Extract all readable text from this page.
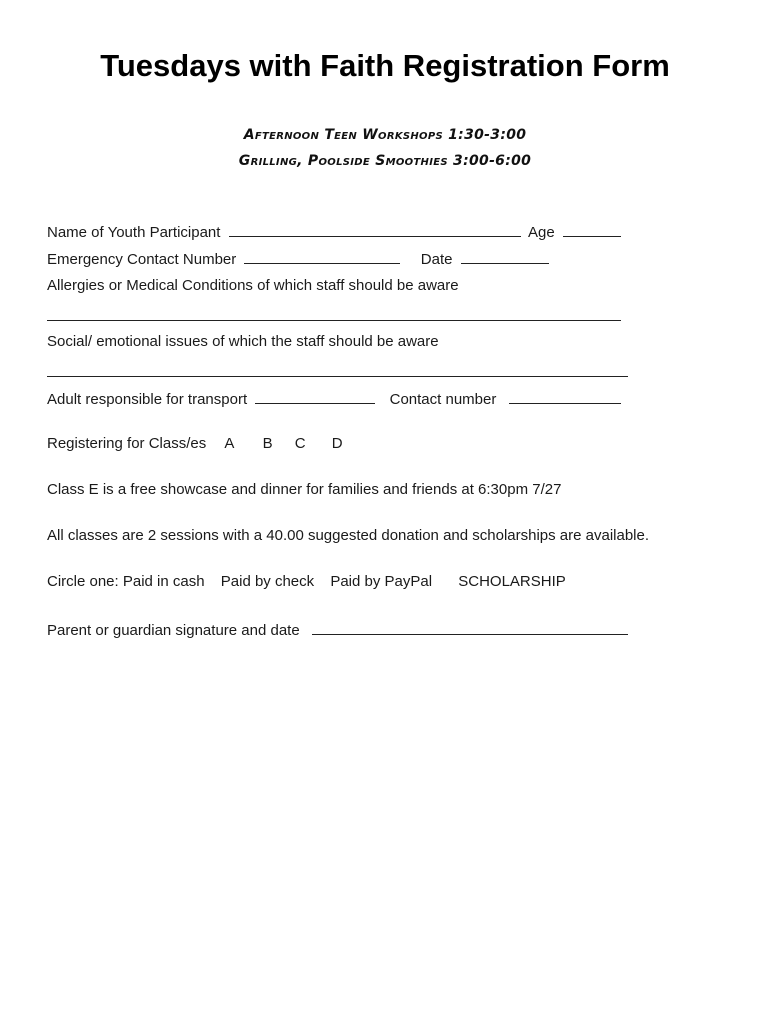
Tuesdays with Faith Registration Form
Afternoon Teen Workshops 1:30-3:00
Grilling, Poolside Smoothies 3:00-6:00
Name of Youth Participant	Age
Emergency Contact Number	Date
Allergies or Medical Conditions of which staff should be aware
Social/ emotional issues of which the staff should be aware
Adult responsible for transport	Contact number
Registering for Class/es A B C D
Class E is a free showcase and dinner for families and friends at 6:30pm 7/27
All classes are 2 sessions with a 40.00 suggested donation and scholarships are available.
Circle one: Paid in cash Paid by check Paid by PayPal SCHOLARSHIP
Parent or guardian signature and date
